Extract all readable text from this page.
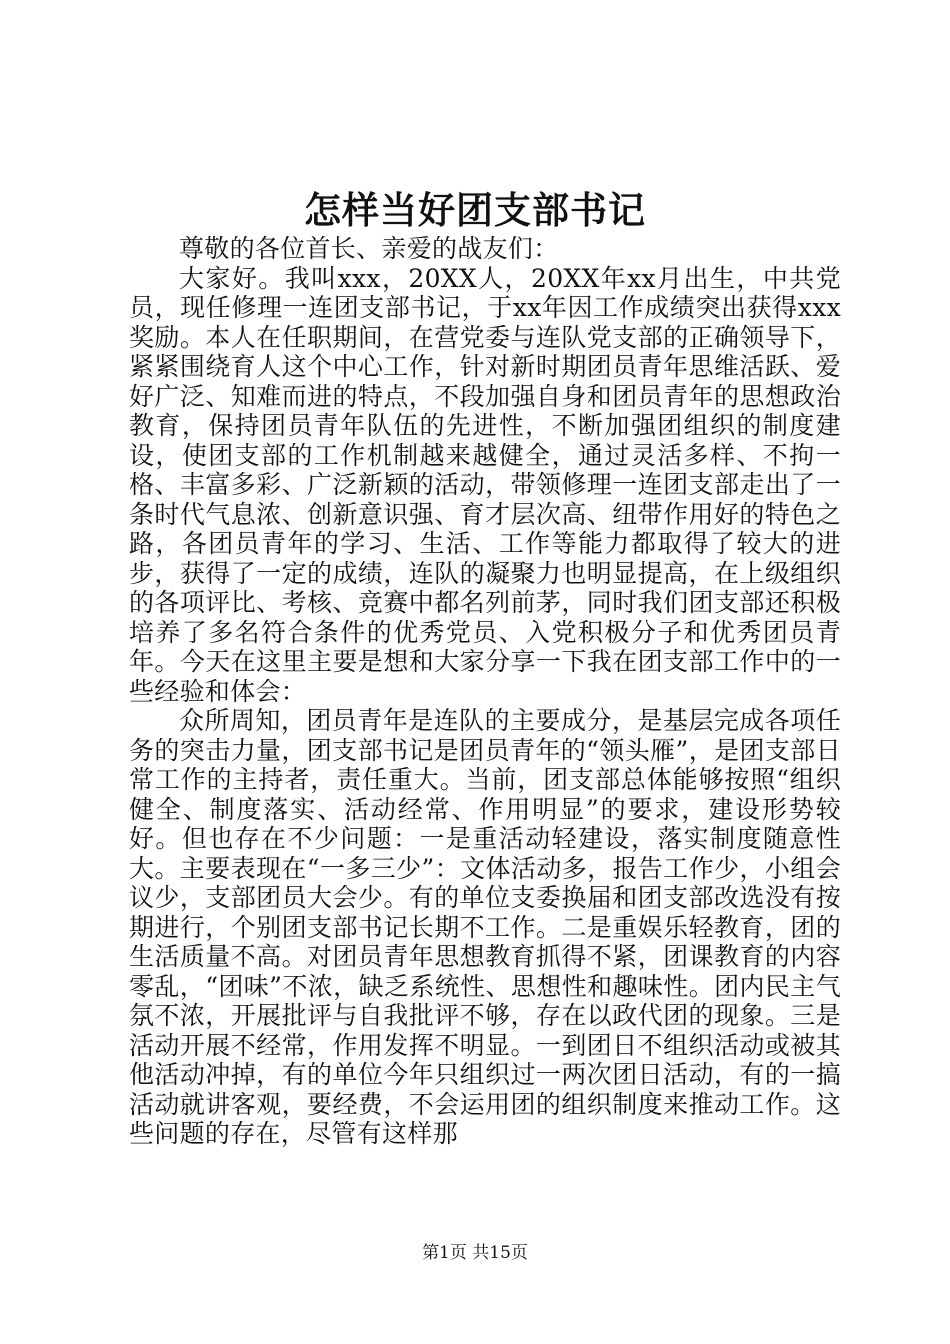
怎样当好团支部书记

尊敬的各位首长、亲爱的战友们：

大家好。我叫xxx，20XX人，20XX年xx月出生，中共党员，现任修理一连团支部书记，于xx年因工作成绩突出获得xxx奖励。本人在任职期间，在营党委与连队党支部的正确领导下，紧紧围绕育人这个中心工作，针对新时期团员青年思维活跃、爱好广泛、知难而进的特点，不段加强自身和团员青年的思想政治教育，保持团员青年队伍的先进性，不断加强团组织的制度建设，使团支部的工作机制越来越健全，通过灵活多样、不拘一格、丰富多彩、广泛新颖的活动，带领修理一连团支部走出了一条时代气息浓、创新意识强、育才层次高、纽带作用好的特色之路，各团员青年的学习、生活、工作等能力都取得了较大的进步，获得了一定的成绩，连队的凝聚力也明显提高，在上级组织的各项评比、考核、竞赛中都名列前茅，同时我们团支部还积极培养了多名符合条件的优秀党员、入党积极分子和优秀团员青年。今天在这里主要是想和大家分享一下我在团支部工作中的一些经验和体会：

众所周知，团员青年是连队的主要成分，是基层完成各项任务的突击力量，团支部书记是团员青年的“领头雁”，是团支部日常工作的主持者，责任重大。当前，团支部总体能够按照“组织健全、制度落实、活动经常、作用明显”的要求，建设形势较好。但也存在不少问题：一是重活动轻建设，落实制度随意性大。主要表现在“一多三少”：文体活动多，报告工作少，小组会议少，支部团员大会少。有的单位支委换届和团支部改选没有按期进行，个别团支部书记长期不工作。二是重娱乐轻教育，团的生活质量不高。对团员青年思想教育抓得不紧，团课教育的内容零乱，“团味”不浓，缺乏系统性、思想性和趣味性。团内民主气氛不浓，开展批评与自我批评不够，存在以政代团的现象。三是活动开展不经常，作用发挥不明显。一到团日不组织活动或被其他活动冲掉，有的单位今年只组织过一两次团日活动，有的一搞活动就讲客观，要经费，不会运用团的组织制度来推动工作。这些问题的存在，尽管有这样那

第1页 共15页
